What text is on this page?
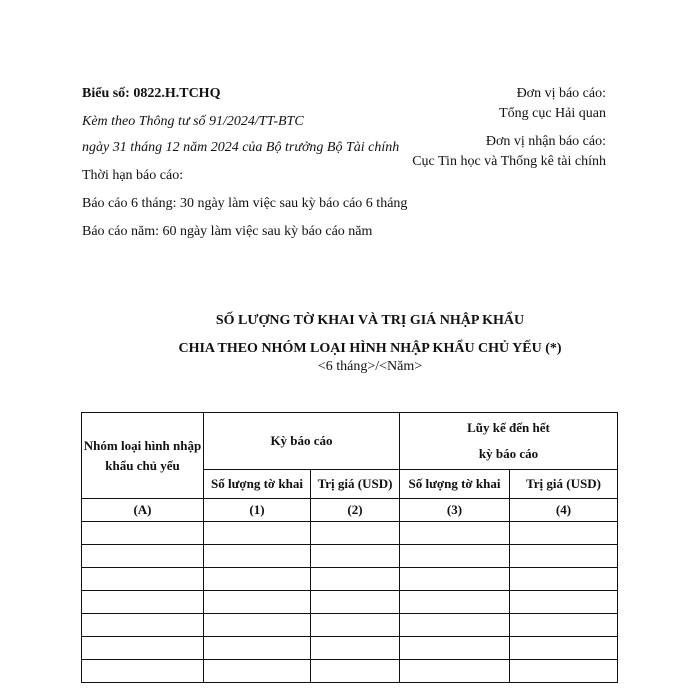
Biểu số: 0822.H.TCHQ

Kèm theo Thông tư số 91/2024/TT-BTC

ngày 31 tháng 12 năm 2024 của Bộ trưởng Bộ Tài chính

Thời hạn báo cáo:

Báo cáo 6 tháng: 30 ngày làm việc sau kỳ báo cáo 6 tháng

Báo cáo năm: 60 ngày làm việc sau kỳ báo cáo năm

Đơn vị báo cáo:

Tổng cục Hải quan

Đơn vị nhận báo cáo:

Cục Tin học và Thống kê tài chính

SỐ LƯỢNG TỜ KHAI VÀ TRỊ GIÁ NHẬP KHẨU

CHIA THEO NHÓM LOẠI HÌNH NHẬP KHẨU CHỦ YẾU (*)

<6 tháng>/<Năm>

Nhóm loại hình nhập khẩu chủ yếu	Kỳ báo cáo		Lũy kế đến hết
kỳ báo cáo	
	Số lượng tờ khai	Trị giá (USD)	Số lượng tờ khai	Trị giá (USD)
(A)	(1)	(2)	(3)	(4)
